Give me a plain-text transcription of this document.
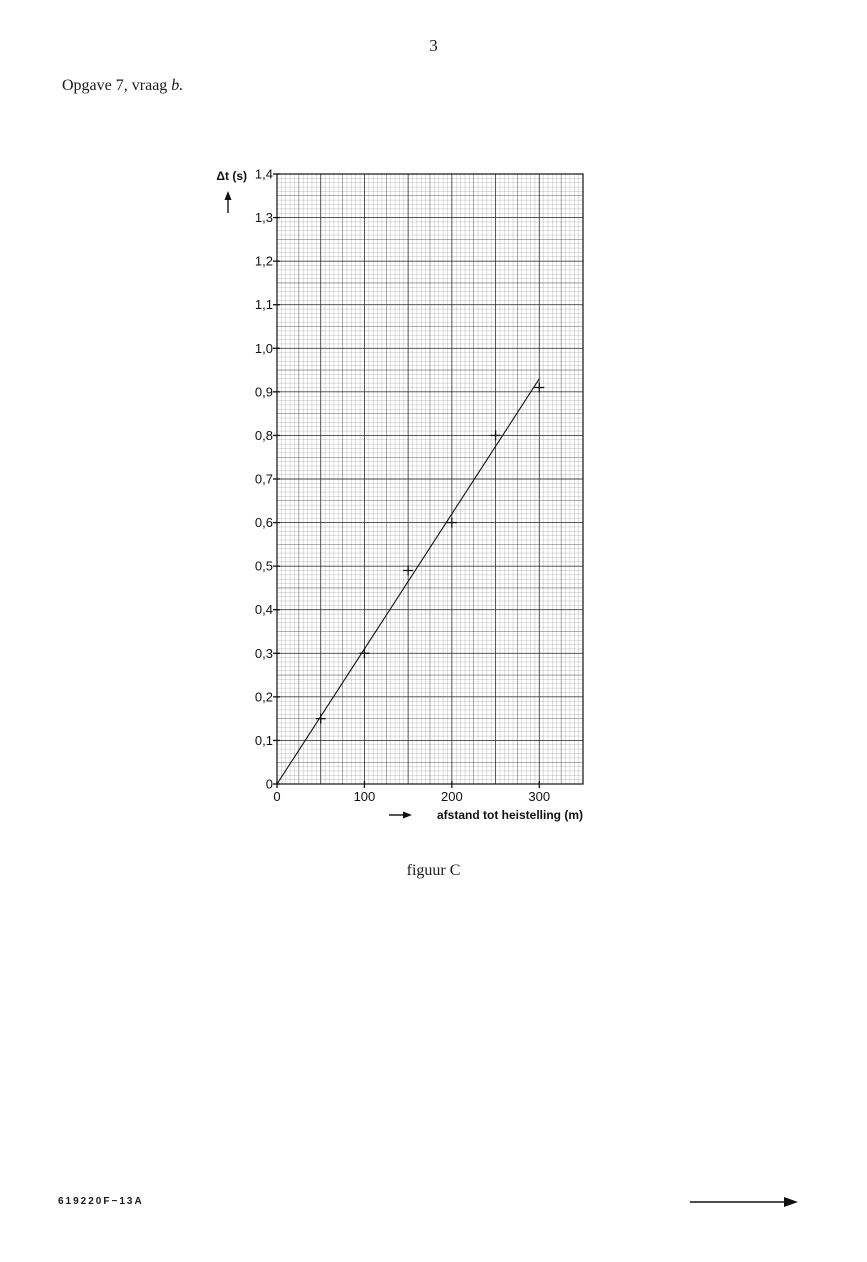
3
Opgave 7, vraag b.
0
0,1
0,2
0,3
0,4
0,5
0,6
0,7
0,8
0,9
1,0
1,1
1,2
1,3
1,4
0	100	200	300
Δt (s)
afstand tot heistelling (m)
figuur C
619220F−13A
